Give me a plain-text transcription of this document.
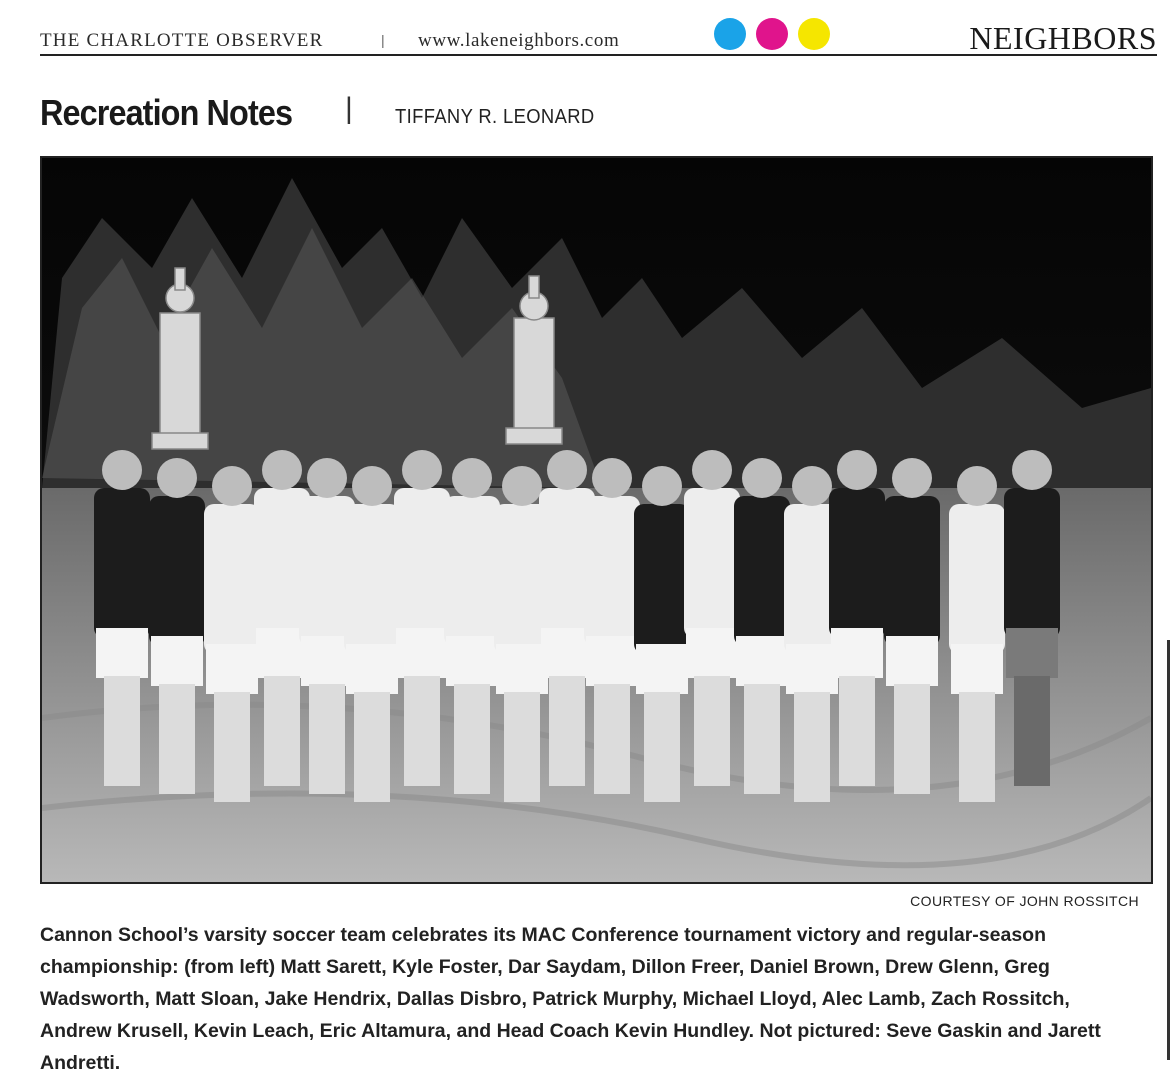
THE CHARLOTTE OBSERVER	| www.lakeneighbors.com	NEIGHBORS
Recreation Notes | TIFFANY R. LEONARD
COURTESY OF JOHN ROSSITCH

Cannon School’s varsity soccer team celebrates its MAC Conference tournament victory and regular-season championship: (from left) Matt Sarett, Kyle Foster, Dar Saydam, Dillon Freer, Daniel Brown, Drew Glenn, Greg Wadsworth, Matt Sloan, Jake Hendrix, Dallas Disbro, Patrick Murphy, Michael Lloyd, Alec Lamb, Zach Rossitch, Andrew Krusell, Kevin Leach, Eric Altamura, and Head Coach Kevin Hundley. Not pictured: Seve Gaskin and Jarett Andretti.
